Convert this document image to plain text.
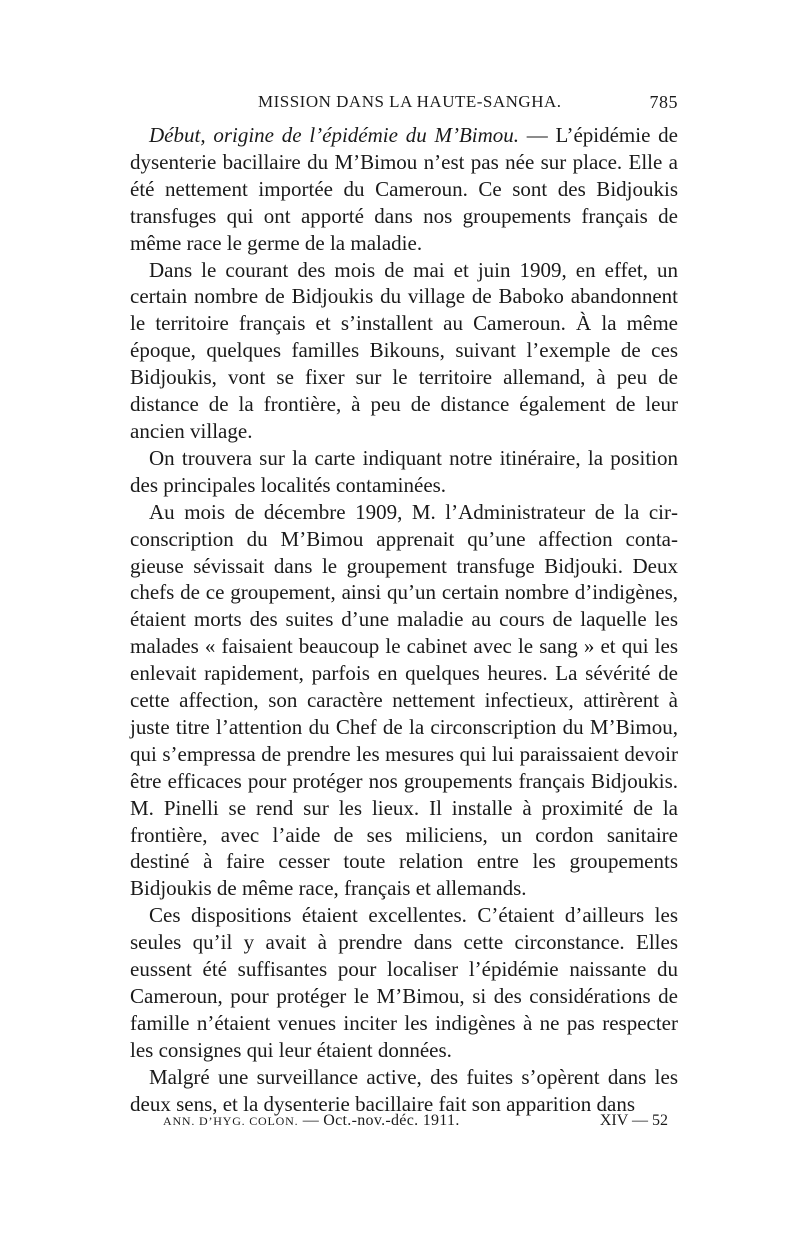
MISSION DANS LA HAUTE-SANGHA.	785

Début, origine de l’épidémie du M’Bimou. — L’épidémie de dysenterie bacillaire du M’Bimou n’est pas née sur place. Elle a été nettement importée du Cameroun. Ce sont des Bidjoukis transfuges qui ont apporté dans nos groupements français de même race le germe de la maladie.

Dans le courant des mois de mai et juin 1909, en effet, un certain nombre de Bidjoukis du village de Baboko abandonnent le territoire français et s’installent au Cameroun. À la même époque, quelques familles Bikouns, suivant l’exemple de ces Bidjoukis, vont se fixer sur le territoire allemand, à peu de distance de la frontière, à peu de distance également de leur ancien village.

On trouvera sur la carte indiquant notre itinéraire, la position des principales localités contaminées.

Au mois de décembre 1909, M. l’Administrateur de la circonscription du M’Bimou apprenait qu’une affection contagieuse sévissait dans le groupement transfuge Bidjouki. Deux chefs de ce groupement, ainsi qu’un certain nombre d’indigènes, étaient morts des suites d’une maladie au cours de laquelle les malades « faisaient beaucoup le cabinet avec le sang » et qui les enlevait rapidement, parfois en quelques heures. La sévérité de cette affection, son caractère nettement infectieux, attirèrent à juste titre l’attention du Chef de la circonscription du M’Bimou, qui s’empressa de prendre les mesures qui lui paraissaient devoir être efficaces pour protéger nos groupements français Bidjoukis. M. Pinelli se rend sur les lieux. Il installe à proximité de la frontière, avec l’aide de ses miliciens, un cordon sanitaire destiné à faire cesser toute relation entre les groupements Bidjoukis de même race, français et allemands.

Ces dispositions étaient excellentes. C’étaient d’ailleurs les seules qu’il y avait à prendre dans cette circonstance. Elles eussent été suffisantes pour localiser l’épidémie naissante du Cameroun, pour protéger le M’Bimou, si des considérations de famille n’étaient venues inciter les indigènes à ne pas respecter les consignes qui leur étaient données.

Malgré une surveillance active, des fuites s’opèrent dans les deux sens, et la dysenterie bacillaire fait son apparition dans

ANN. D’HYG. COLON. — Oct.-nov.-déc. 1911.	XIV — 52
